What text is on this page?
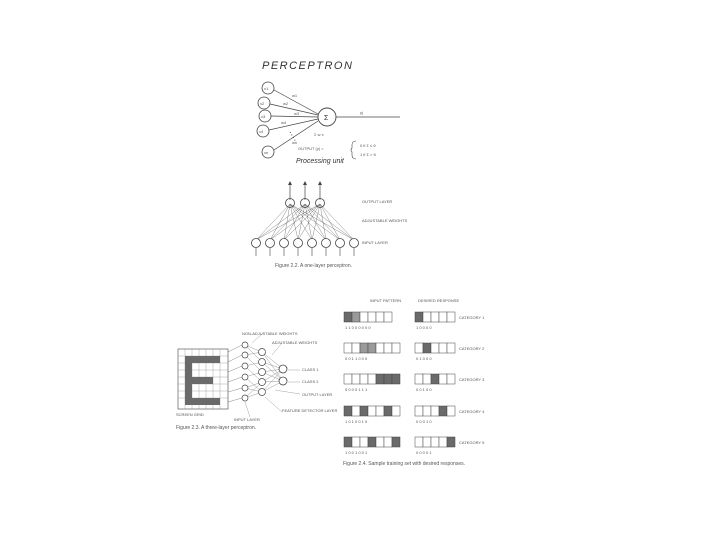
PERCEPTRON
x1
x2
x3
x4
xn
w1
w2
w3
w4
wn
Σ
yj
Σ w x
OUTPUT (y) =
0 if Σ ≤ θ
1 if Σ > θ
Processing unit
OUTPUT LAYER
ADJUSTABLE WEIGHTS
INPUT LAYER
Figure 2.2. A one-layer perceptron.
NON-ADJUSTABLE WEIGHTS
ADJUSTABLE WEIGHTS
CLASS 1
CLASS 2
OUTPUT LAYER
FEATURE DETECTOR LAYER
SCREEN GRID
INPUT LAYER
Figure 2.3. A three-layer perceptron.
INPUT PATTERN	DESIRED RESPONSE
1 1 0 0 0 0 0 0	1 0 0 0 0
CATEGORY 1
0 0 1 1 0 0 0	0 1 0 0 0
CATEGORY 2
0 0 0 0 1 1 1	0 0 1 0 0
CATEGORY 3
1 0 1 0 0 1 0	0 0 0 1 0
CATEGORY 4
1 0 0 1 0 0 1	0 0 0 0 1
CATEGORY 5
Figure 2.4. Sample training set with desired responses.
